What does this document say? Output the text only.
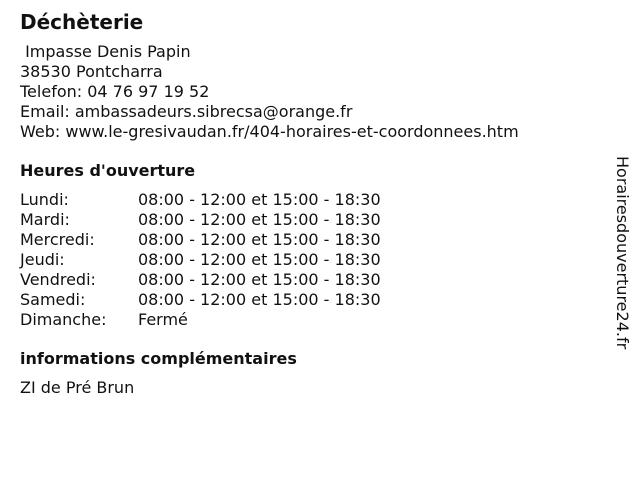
Déchèterie
Impasse Denis Papin
38530 Pontcharra
Telefon: 04 76 97 19 52
Email: ambassadeurs.sibrecsa@orange.fr
Web: www.le-gresivaudan.fr/404-horaires-et-coordonnees.htm
Heures d'ouverture
Lundi:	08:00 - 12:00 et 15:00 - 18:30
Mardi:	08:00 - 12:00 et 15:00 - 18:30
Mercredi:	08:00 - 12:00 et 15:00 - 18:30
Jeudi:	08:00 - 12:00 et 15:00 - 18:30
Vendredi:	08:00 - 12:00 et 15:00 - 18:30
Samedi:	08:00 - 12:00 et 15:00 - 18:30
Dimanche:	Fermé
informations complémentaires
ZI de Pré Brun
Horairesdouverture24.fr
